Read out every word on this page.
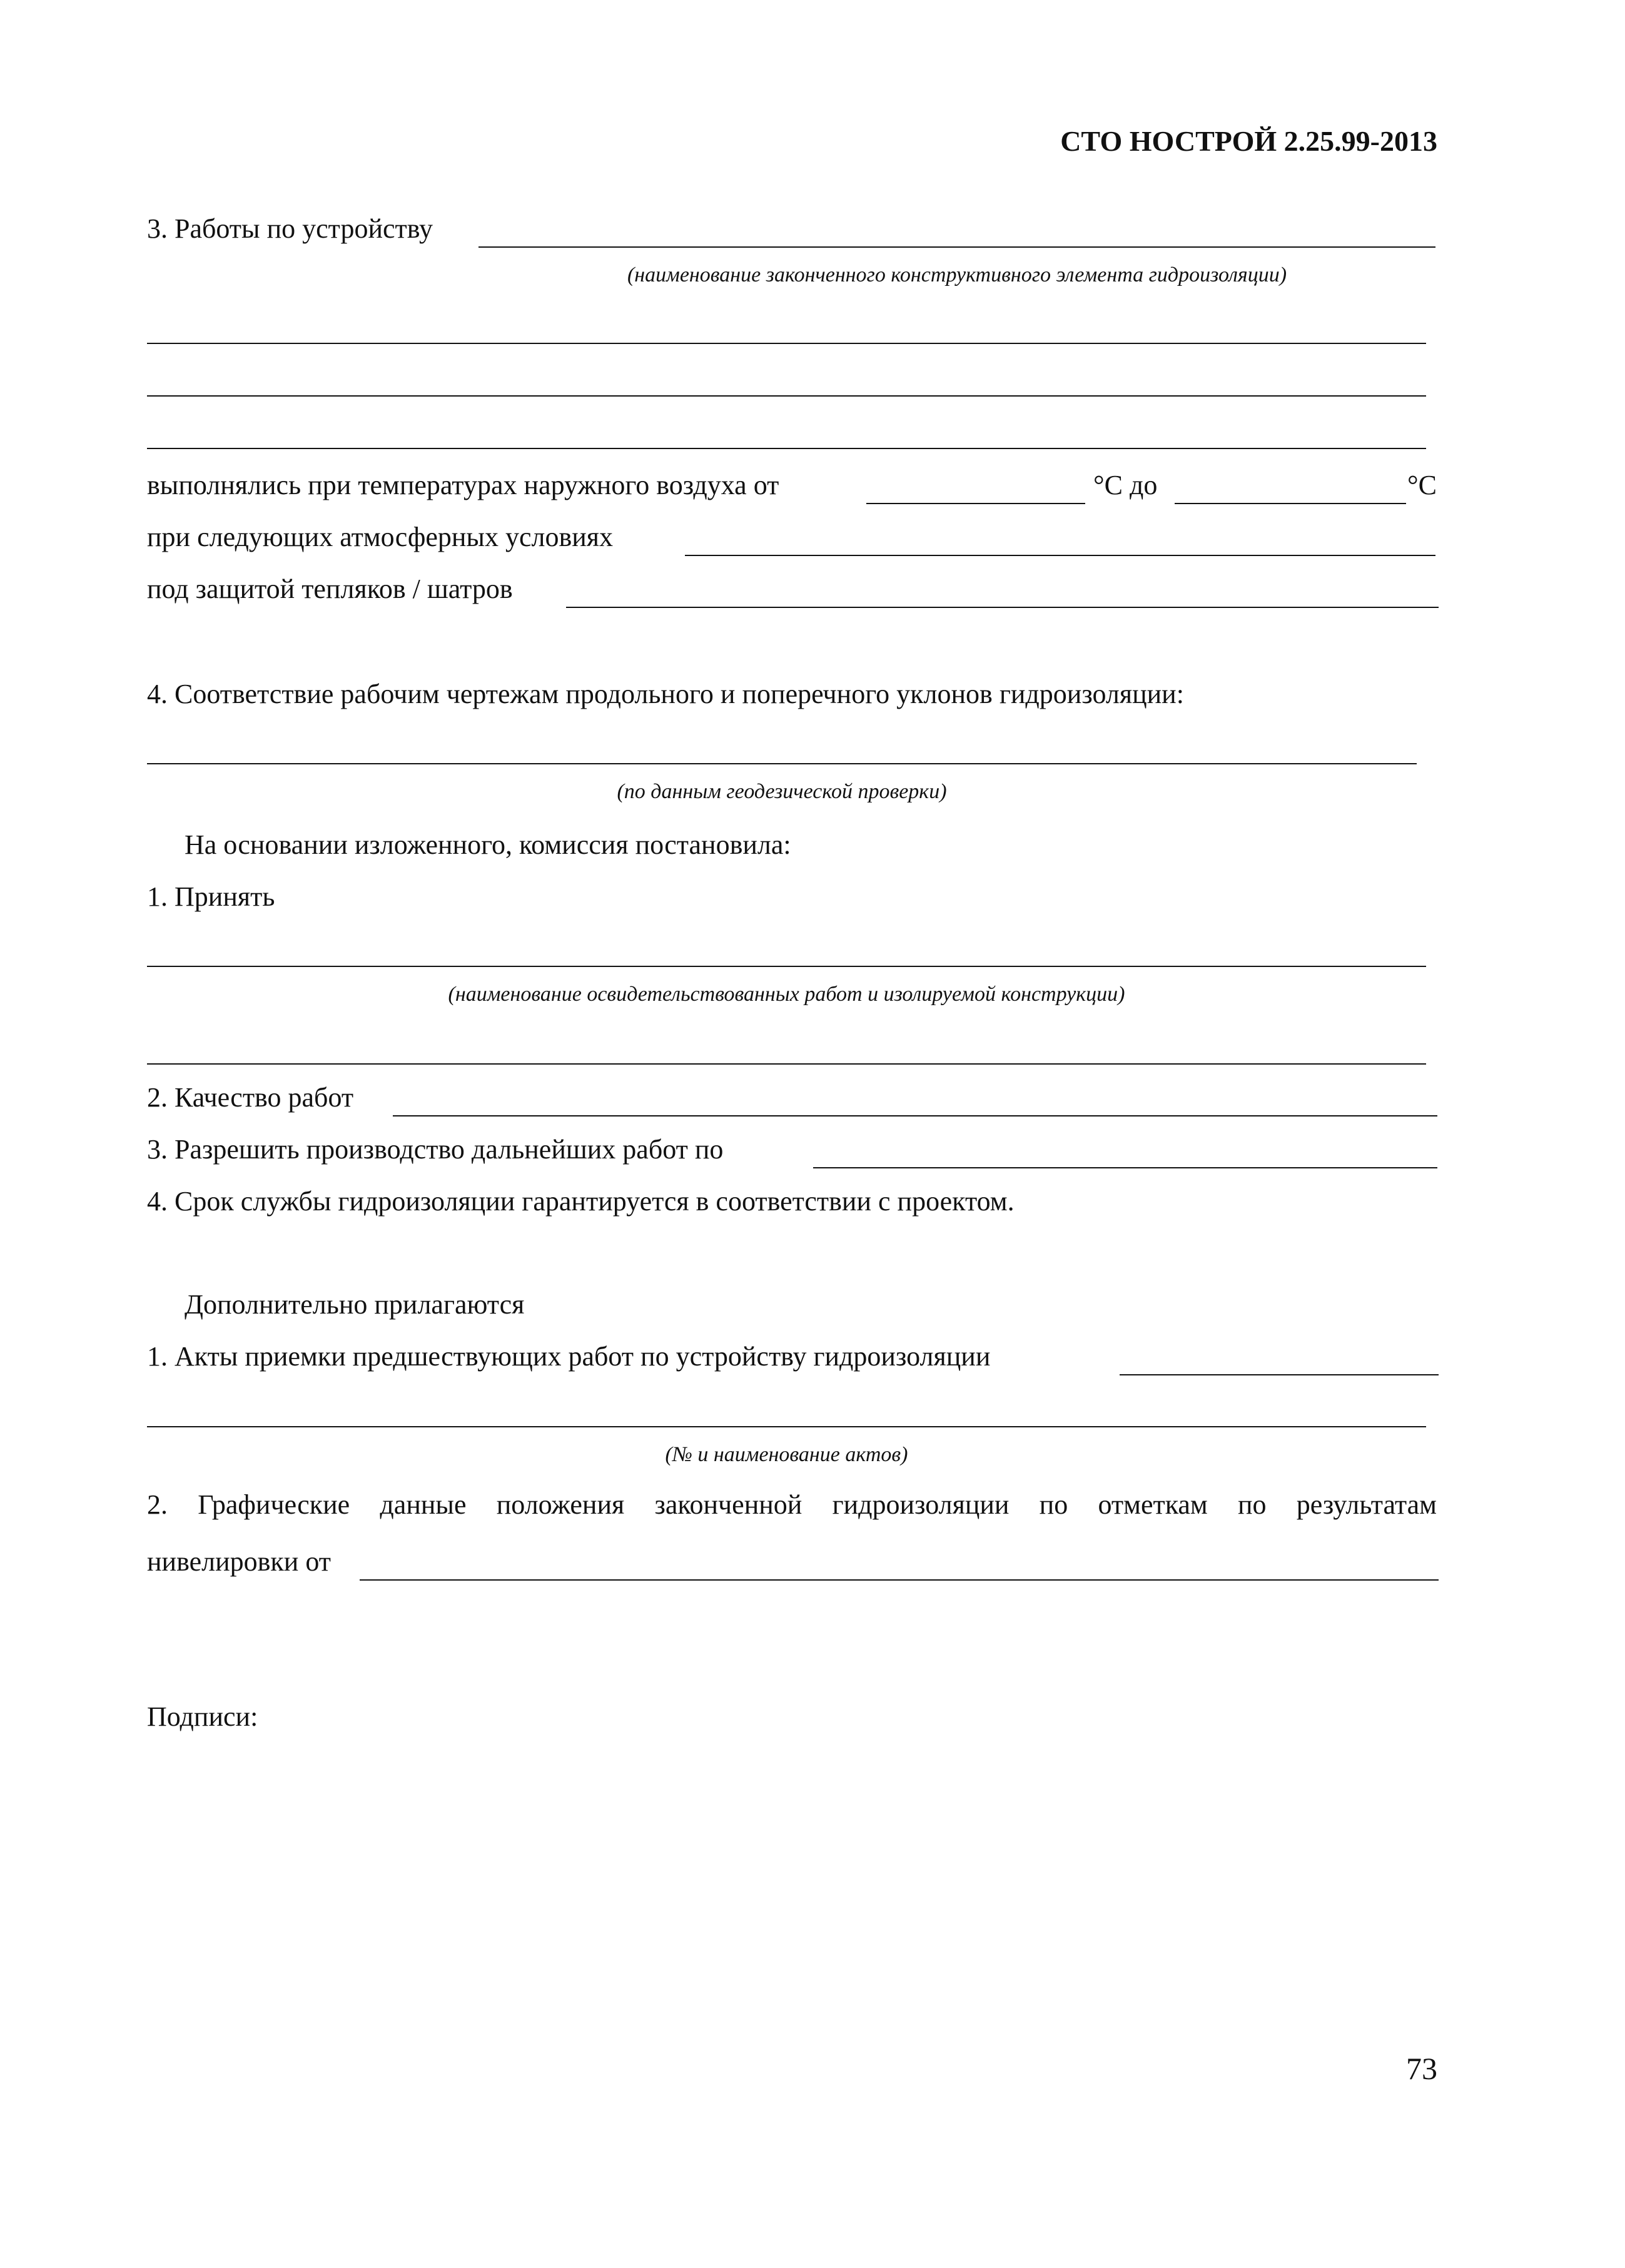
СТО НОСТРОЙ 2.25.99-2013
3. Работы по устройству
(наименование законченного конструктивного элемента гидроизоляции)
выполнялись при температурах наружного воздуха от	°С до	°С
при следующих атмосферных условиях
под защитой тепляков / шатров
4. Соответствие рабочим чертежам продольного и поперечного уклонов гидроизоляции:
(по данным геодезической проверки)
На основании изложенного, комиссия постановила:
1. Принять
(наименование освидетельствованных работ и изолируемой конструкции)
2. Качество работ
3. Разрешить производство дальнейших работ по
4. Срок службы гидроизоляции гарантируется в соответствии с проектом.
Дополнительно прилагаются
1. Акты приемки предшествующих работ по устройству гидроизоляции
(№ и наименование актов)
2. Графические данные положения законченной гидроизоляции по отметкам по результатам
нивелировки от
Подписи:
73
